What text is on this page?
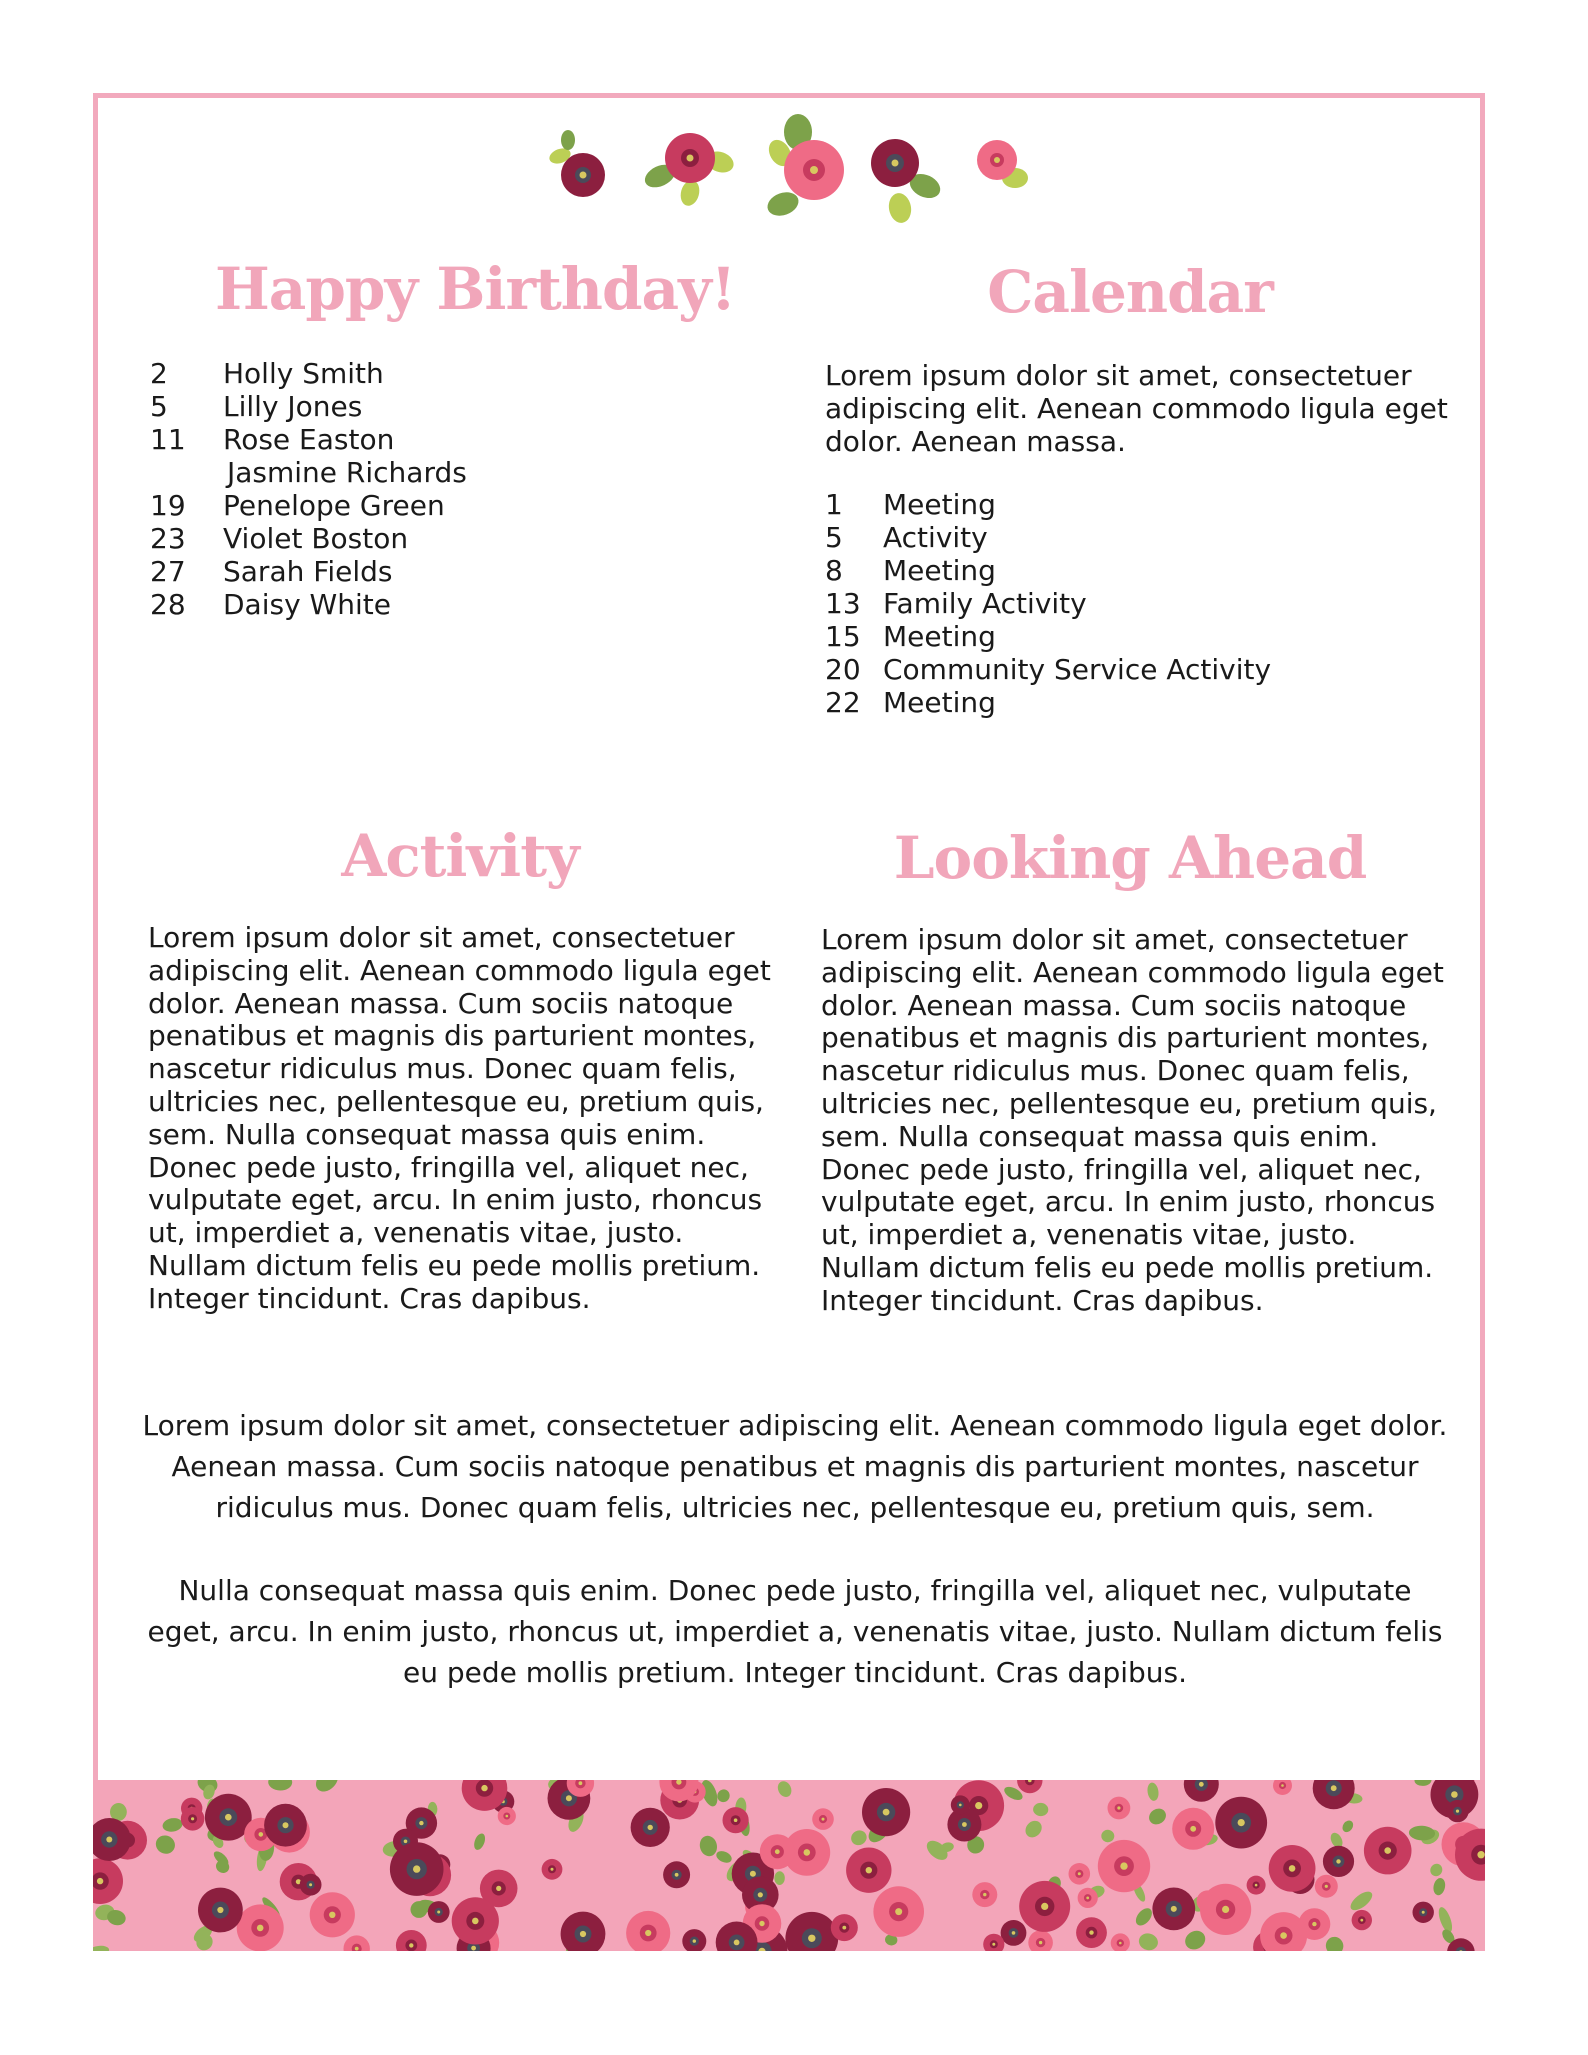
Happy Birthday!
2	Holly Smith
5	Lilly Jones
11	Rose Easton
Jasmine Richards
19	Penelope Green
23	Violet Boston
27	Sarah Fields
28	Daisy White
Calendar

Lorem ipsum dolor sit amet, consectetuer adipiscing elit. Aenean commodo ligula eget dolor. Aenean massa.

1	Meeting
5	Activity
8	Meeting
13 Family Activity
15 Meeting
20 Community Service Activity
22 Meeting
Activity

Lorem ipsum dolor sit amet, consectetuer adipiscing elit. Aenean commodo ligula eget dolor. Aenean massa. Cum sociis natoque penatibus et magnis dis parturient montes, nascetur ridiculus mus. Donec quam felis, ultricies nec, pellentesque eu, pretium quis, sem. Nulla consequat massa quis enim. Donec pede justo, fringilla vel, aliquet nec, vulputate eget, arcu. In enim justo, rhoncus ut, imperdiet a, venenatis vitae, justo. Nullam dictum felis eu pede mollis pretium. Integer tincidunt. Cras dapibus.

Looking Ahead

Lorem ipsum dolor sit amet, consectetuer adipiscing elit. Aenean commodo ligula eget dolor. Aenean massa. Cum sociis natoque penatibus et magnis dis parturient montes, nascetur ridiculus mus. Donec quam felis, ultricies nec, pellentesque eu, pretium quis, sem. Nulla consequat massa quis enim. Donec pede justo, fringilla vel, aliquet nec, vulputate eget, arcu. In enim justo, rhoncus ut, imperdiet a, venenatis vitae, justo. Nullam dictum felis eu pede mollis pretium. Integer tincidunt. Cras dapibus.

Lorem ipsum dolor sit amet, consectetuer adipiscing elit. Aenean commodo ligula eget dolor. Aenean massa. Cum sociis natoque penatibus et magnis dis parturient montes, nascetur ridiculus mus. Donec quam felis, ultricies nec, pellentesque eu, pretium quis, sem.

Nulla consequat massa quis enim. Donec pede justo, fringilla vel, aliquet nec, vulputate eget, arcu. In enim justo, rhoncus ut, imperdiet a, venenatis vitae, justo. Nullam dictum felis eu pede mollis pretium. Integer tincidunt. Cras dapibus.
